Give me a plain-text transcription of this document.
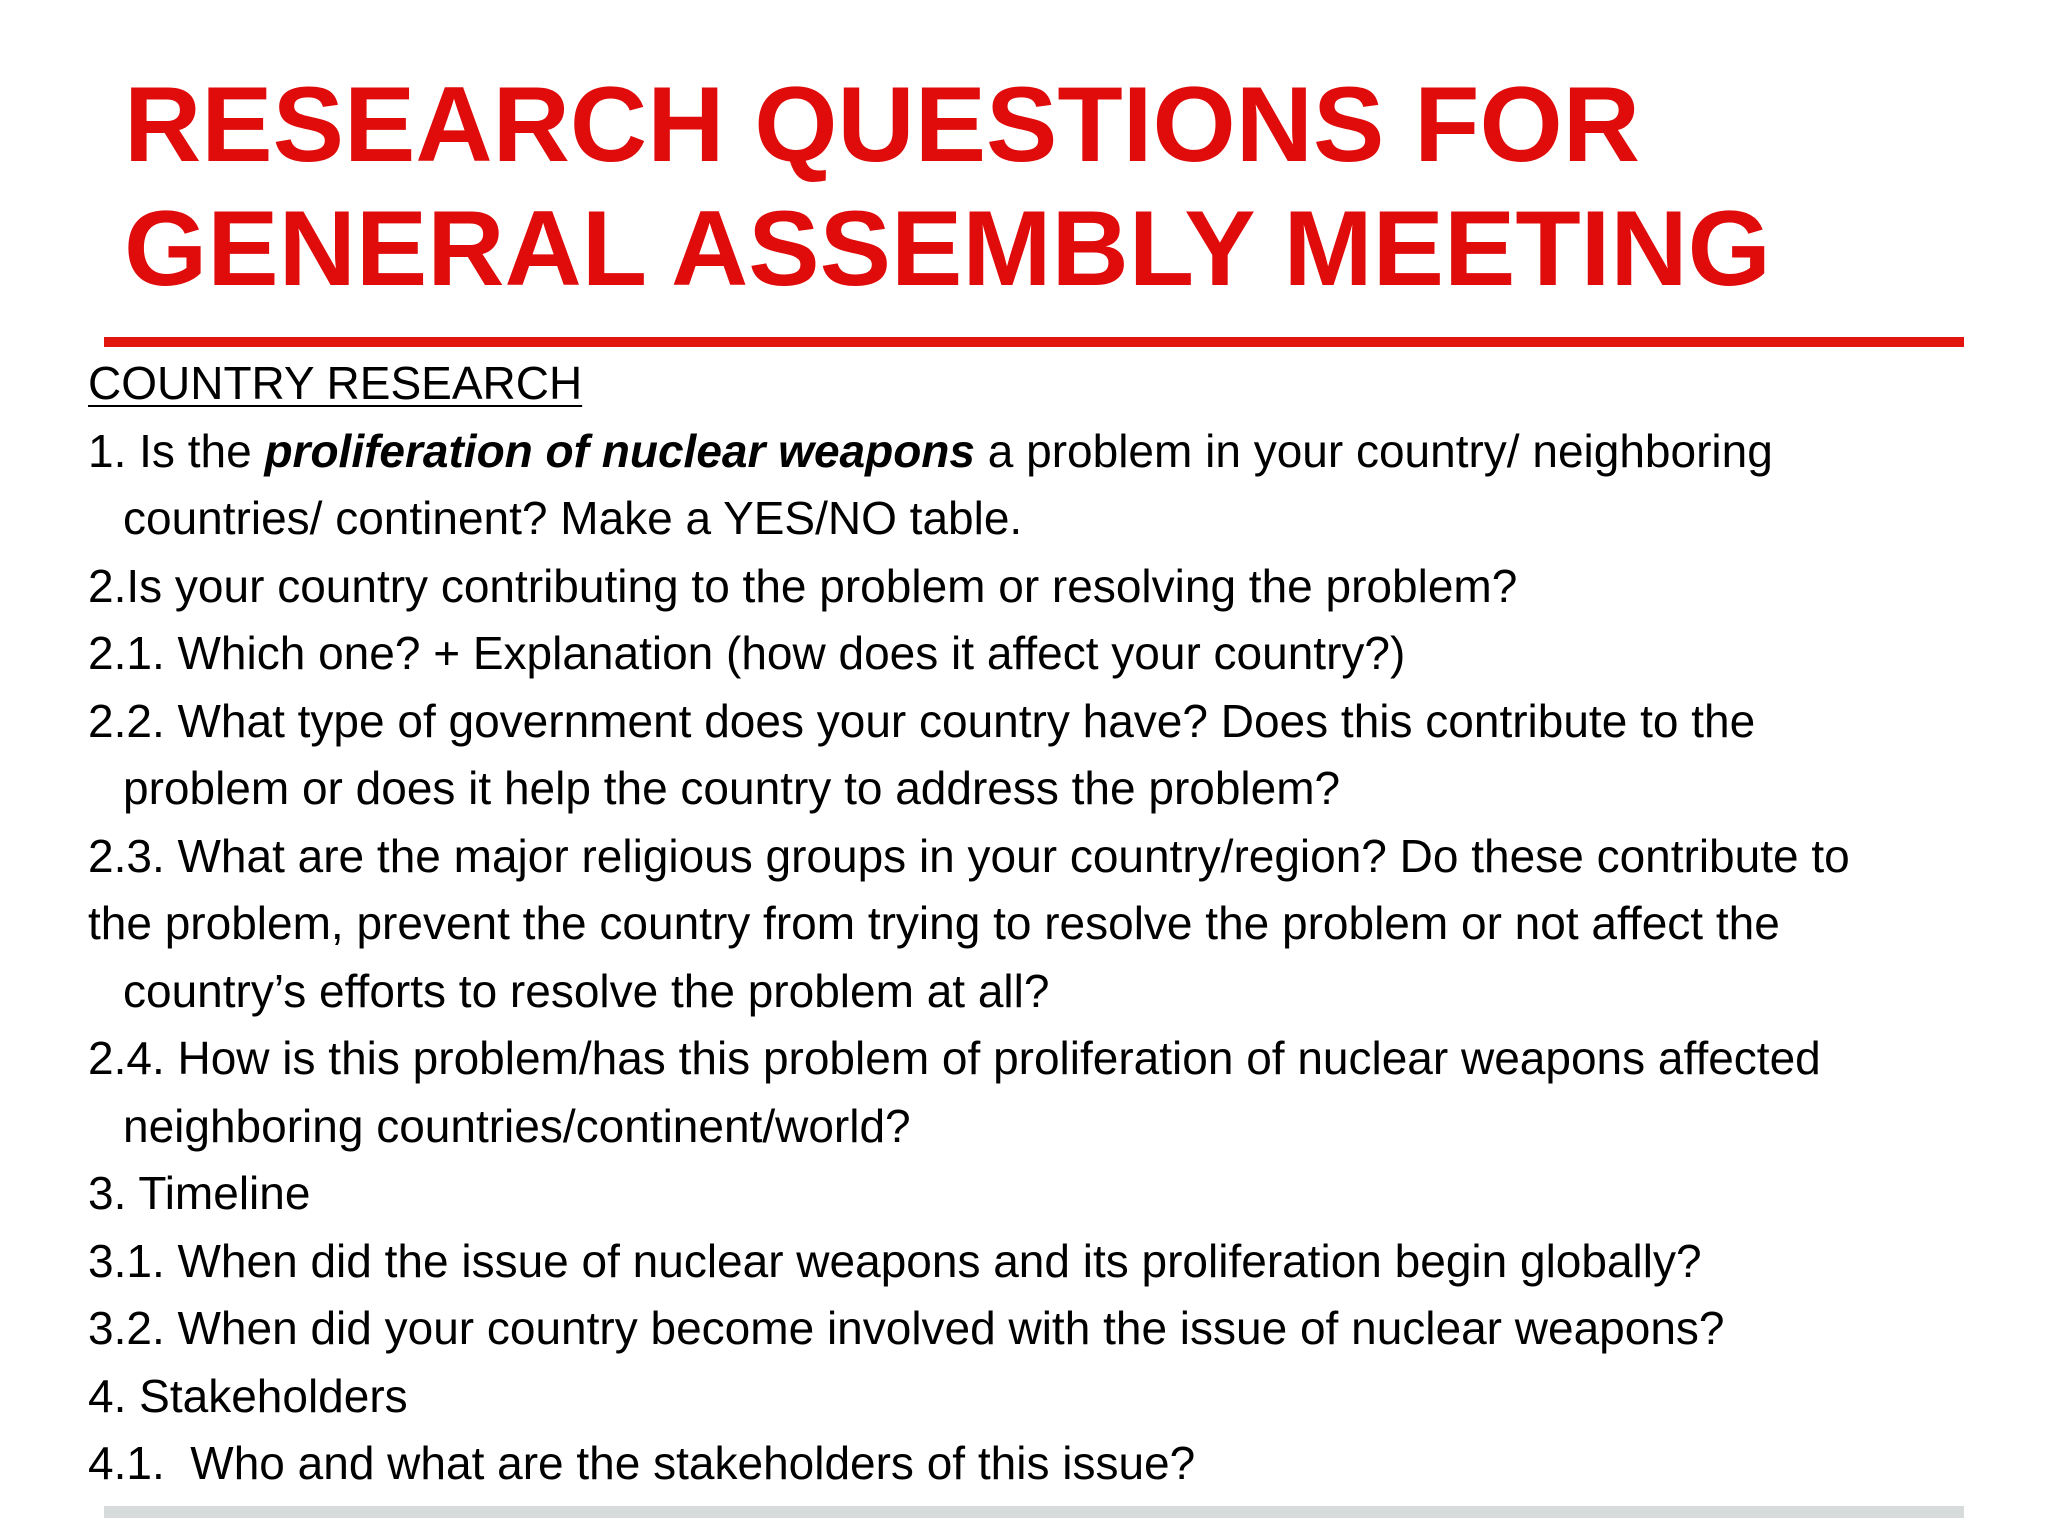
RESEARCH QUESTIONS FOR
GENERAL ASSEMBLY MEETING

COUNTRY RESEARCH

1. Is the proliferation of nuclear weapons a problem in your country/ neighboring

countries/ continent? Make a YES/NO table.

2.Is your country contributing to the problem or resolving the problem?

2.1. Which one? + Explanation (how does it affect your country?)

2.2. What type of government does your country have? Does this contribute to the

problem or does it help the country to address the problem?

2.3. What are the major religious groups in your country/region? Do these contribute to

the problem, prevent the country from trying to resolve the problem or not affect the

country’s efforts to resolve the problem at all?

2.4. How is this problem/has this problem of proliferation of nuclear weapons affected

neighboring countries/continent/world?

3. Timeline

3.1. When did the issue of nuclear weapons and its proliferation begin globally?

3.2. When did your country become involved with the issue of nuclear weapons?

4. Stakeholders

4.1.  Who and what are the stakeholders of this issue?
